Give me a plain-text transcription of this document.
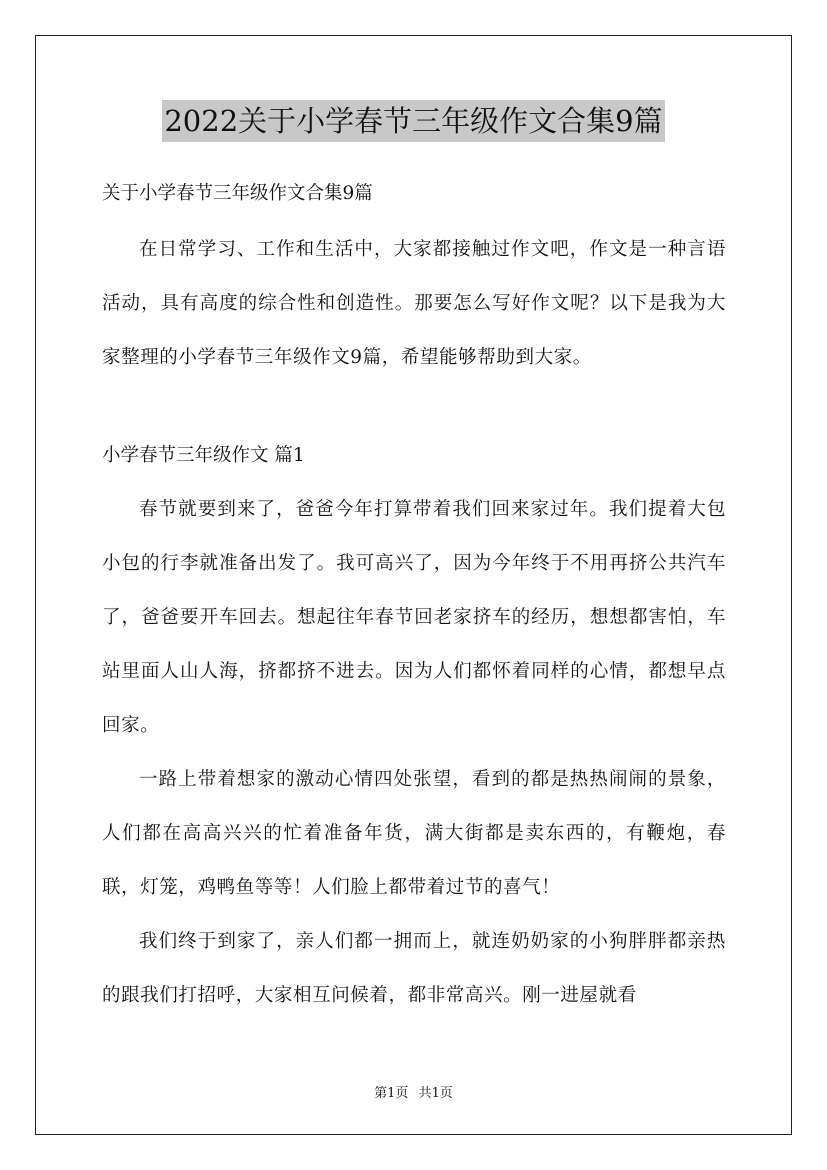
2022关于小学春节三年级作文合集9篇

关于小学春节三年级作文合集9篇

在日常学习、工作和生活中，大家都接触过作文吧，作文是一种言语活动，具有高度的综合性和创造性。那要怎么写好作文呢？以下是我为大家整理的小学春节三年级作文9篇，希望能够帮助到大家。

小学春节三年级作文 篇1

春节就要到来了，爸爸今年打算带着我们回来家过年。我们提着大包小包的行李就准备出发了。我可高兴了，因为今年终于不用再挤公共汽车了，爸爸要开车回去。想起往年春节回老家挤车的经历，想想都害怕，车站里面人山人海，挤都挤不进去。因为人们都怀着同样的心情，都想早点回家。

一路上带着想家的激动心情四处张望，看到的都是热热闹闹的景象，人们都在高高兴兴的忙着准备年货，满大街都是卖东西的，有鞭炮，春联，灯笼，鸡鸭鱼等等！人们脸上都带着过节的喜气！

我们终于到家了，亲人们都一拥而上，就连奶奶家的小狗胖胖都亲热的跟我们打招呼，大家相互问候着，都非常高兴。刚一进屋就看

第1页 共1页
